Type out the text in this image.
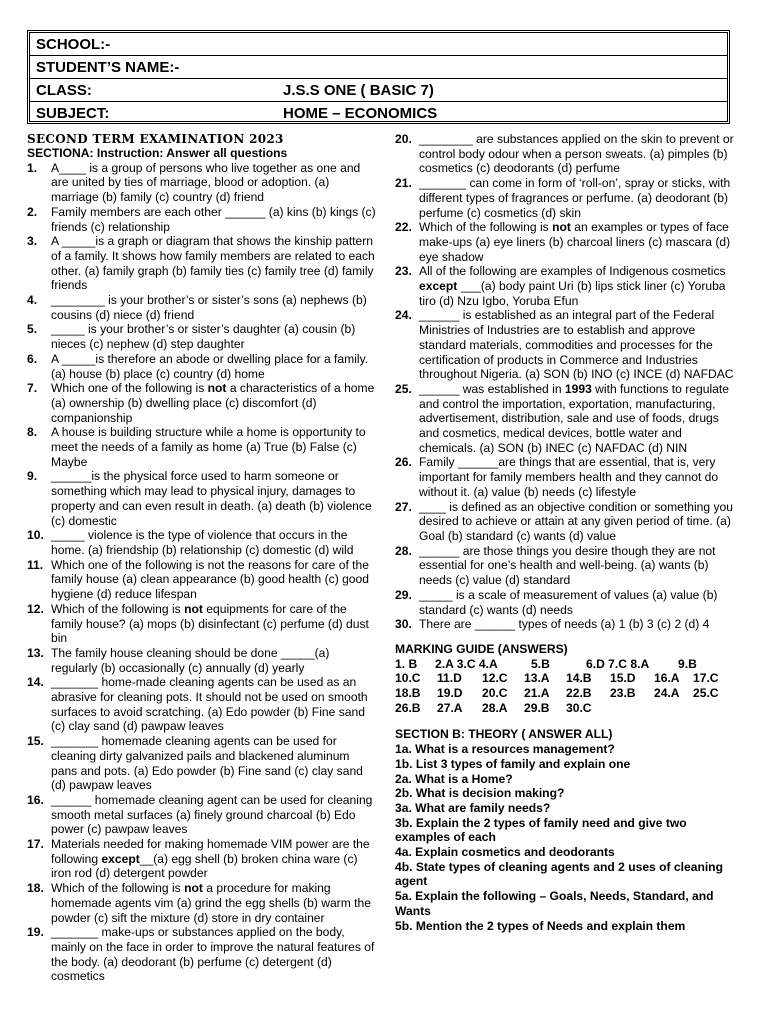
SCHOOL:-
STUDENT’S NAME:-
CLASS:	J.S.S ONE ( BASIC 7)
SUBJECT:	HOME – ECONOMICS
SECOND TERM EXAMINATION 2023
SECTIONA: Instruction: Answer all questions
1.	A____ is a group of persons who live together as one and are united by ties of marriage, blood or adoption. (a) marriage (b) family (c) country (d) friend
2.	Family members are each other ______ (a) kins (b) kings (c) friends (c) relationship
3.	A _____is a graph or diagram that shows the kinship pattern of a family. It shows how family members are related to each other. (a) family graph (b) family ties (c) family tree (d) family friends
4.	________ is your brother’s or sister’s sons (a) nephews (b) cousins (d) niece (d) friend
5.	_____ is your brother’s or sister’s daughter (a) cousin (b) nieces (c) nephew (d) step daughter
6.	A _____is therefore an abode or dwelling place for a family. (a) house (b) place (c) country (d) home
7.	Which one of the following is not a characteristics of a home (a) ownership (b) dwelling place (c) discomfort (d) companionship
8.	A house is building structure while a home is opportunity to meet the needs of a family as home (a) True (b) False (c) Maybe
9.	______is the physical force used to harm someone or something which may lead to physical injury, damages to property and can even result in death. (a) death (b) violence (c) domestic
10. _____ violence is the type of violence that occurs in the home. (a) friendship (b) relationship (c) domestic (d) wild
11. Which one of the following is not the reasons for care of the family house (a) clean appearance (b) good health (c) good hygiene (d) reduce lifespan
12. Which of the following is not equipments for care of the family house? (a) mops (b) disinfectant (c) perfume (d) dust bin
13. The family house cleaning should be done _____(a) regularly (b) occasionally (c) annually (d) yearly
14. _______ home-made cleaning agents can be used as an abrasive for cleaning pots. It should not be used on smooth surfaces to avoid scratching. (a) Edo powder (b) Fine sand (c) clay sand (d) pawpaw leaves
15. _______ homemade cleaning agents can be used for cleaning dirty galvanized pails and blackened aluminum pans and pots. (a) Edo powder (b) Fine sand (c) clay sand (d) pawpaw leaves
16. ______ homemade cleaning agent can be used for cleaning smooth metal surfaces (a) finely ground charcoal (b) Edo power (c) pawpaw leaves
17. Materials needed for making homemade VIM power are the following except__(a) egg shell (b) broken china ware (c) iron rod (d) detergent powder
18. Which of the following is not a procedure for making homemade agents vim (a) grind the egg shells (b) warm the powder (c) sift the mixture (d) store in dry container
19. _______ make-ups or substances applied on the body, mainly on the face in order to improve the natural features of the body. (a) deodorant (b) perfume (c) detergent (d) cosmetics
20. ________ are substances applied on the skin to prevent or control body odour when a person sweats. (a) pimples (b) cosmetics (c) deodorants (d) perfume
21. _______ can come in form of ‘roll-on’, spray or sticks, with different types of fragrances or perfume. (a) deodorant (b) perfume (c) cosmetics (d) skin
22. Which of the following is not an examples or types of face make-ups (a) eye liners (b) charcoal liners (c) mascara (d) eye shadow
23. All of the following are examples of Indigenous cosmetics except ___(a) body paint Uri (b) lips stick liner (c) Yoruba tiro (d) Nzu Igbo, Yoruba Efun
24. ______ is established as an integral part of the Federal Ministries of Industries are to establish and approve standard materials, commodities and processes for the certification of products in Commerce and Industries throughout Nigeria. (a) SON (b) INO (c) INCE (d) NAFDAC
25. ______ was established in 1993 with functions to regulate and control the importation, exportation, manufacturing, advertisement, distribution, sale and use of foods, drugs and cosmetics, medical devices, bottle water and chemicals. (a) SON (b) INEC (c) NAFDAC (d) NIN
26. Family ______are things that are essential, that is, very important for family members health and they cannot do without it. (a) value (b) needs (c) lifestyle
27. ____ is defined as an objective condition or something you desired to achieve or attain at any given period of time. (a) Goal (b) standard (c) wants (d) value
28. ______ are those things you desire though they are not essential for one’s health and well-being. (a) wants (b) needs (c) value (d) standard
29. _____ is a scale of measurement of values (a) value (b) standard (c) wants (d) needs
30. There are ______ types of needs (a) 1 (b) 3 (c) 2 (d) 4
MARKING GUIDE (ANSWERS)
1. B	2.A 3.C 4.A	5.B	6.D 7.C 8.A	9.B
10.C	11.D	12.C	13.A	14.B	15.D	16.A	17.C
18.B	19.D	20.C	21.A	22.B	23.B	24.A	25.C
26.B	27.A	28.A	29.B	30.C
SECTION B: THEORY ( ANSWER ALL)
1a. What is a resources management?
1b. List 3 types of family and explain one
2a. What is a Home?
2b. What is decision making?
3a. What are family needs?
3b. Explain the 2 types of family need and give two examples of each
4a. Explain cosmetics and deodorants
4b. State types of cleaning agents and 2 uses of cleaning agent
5a. Explain the following – Goals, Needs, Standard, and Wants
5b. Mention the 2 types of Needs and explain them
